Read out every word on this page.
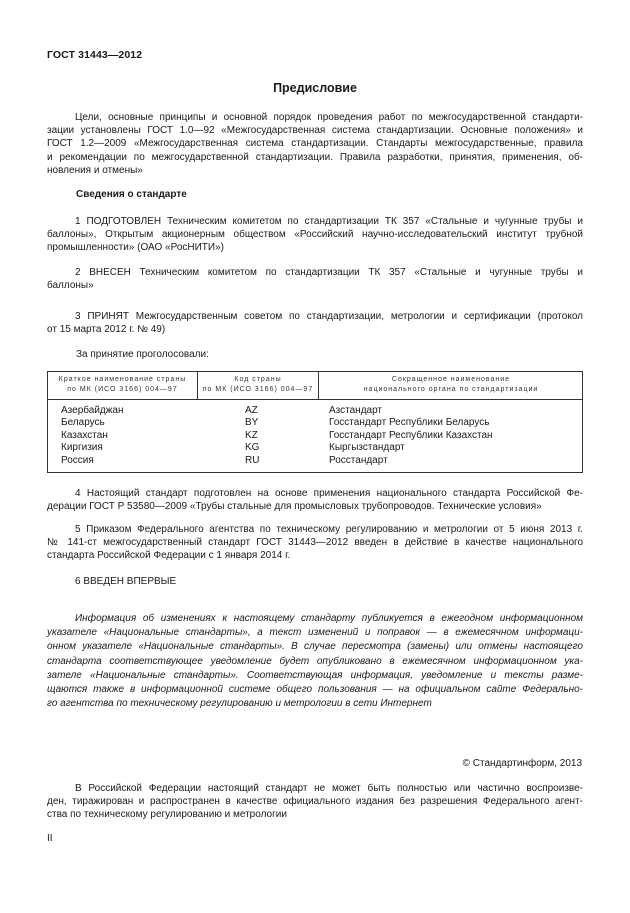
ГОСТ 31443—2012
Предисловие
Цели, основные принципы и основной порядок проведения работ по межгосударственной стандарти-
зации установлены ГОСТ 1.0—92 «Межгосударственная система стандартизации. Основные положения» и
ГОСТ 1.2—2009 «Межгосударственная система стандартизации. Стандарты межгосударственные, правила
и рекомендации по межгосударственной стандартизации. Правила разработки, принятия, применения, об-
новления и отмены»
Сведения о стандарте
1 ПОДГОТОВЛЕН Техническим комитетом по стандартизации ТК 357 «Стальные и чугунные трубы и
баллоны», Открытым акционерным обществом «Российский научно-исследовательский институт трубной
промышленности» (ОАО «РосНИТИ»)
2 ВНЕСЕН Техническим комитетом по стандартизации ТК 357 «Стальные и чугунные трубы и
баллоны»
3 ПРИНЯТ Межгосударственным советом по стандартизации, метрологии и сертификации (протокол
от 15 марта 2012 г. № 49)
За принятие проголосовали:
Краткое наименование страны
по МК (ИСО 3166) 004—97
Код страны
по МК (ИСО 3166) 004—97
Сокращенное наименование
национального органа по стандартизации
Азербайджан
Беларусь
Казахстан
Киргизия
Россия
AZ
BY
KZ
KG
RU
Азстандарт
Госстандарт Республики Беларусь
Госстандарт Республики Казахстан
Кыргызстандарт
Росстандарт
4 Настоящий стандарт подготовлен на основе применения национального стандарта Российской Фе-
дерации ГОСТ Р 53580—2009 «Трубы стальные для промысловых трубопроводов. Технические условия»
5 Приказом Федерального агентства по техническому регулированию и метрологии от 5 июня 2013 г.
№ 141-ст межгосударственный стандарт ГОСТ 31443—2012 введен в действие в качестве национального
стандарта Российской Федерации с 1 января 2014 г.
6 ВВЕДЕН ВПЕРВЫЕ
Информация об изменениях к настоящему стандарту публикуется в ежегодном информационном
указателе «Национальные стандарты», а текст изменений и поправок — в ежемесячном информаци-
онном указателе «Национальные стандарты». В случае пересмотра (замены) или отмены настоящего
стандарта соответствующее уведомление будет опубликовано в ежемесячном информационном ука-
зателе «Национальные стандарты». Соответствующая информация, уведомление и тексты разме-
щаются также в информационной системе общего пользования — на официальном сайте Федерально-
го агентства по техническому регулированию и метрологии в сети Интернет
© Стандартинформ, 2013
В Российской Федерации настоящий стандарт не может быть полностью или частично воспроизве-
ден, тиражирован и распространен в качестве официального издания без разрешения Федерального агент-
ства по техническому регулированию и метрологии
II
